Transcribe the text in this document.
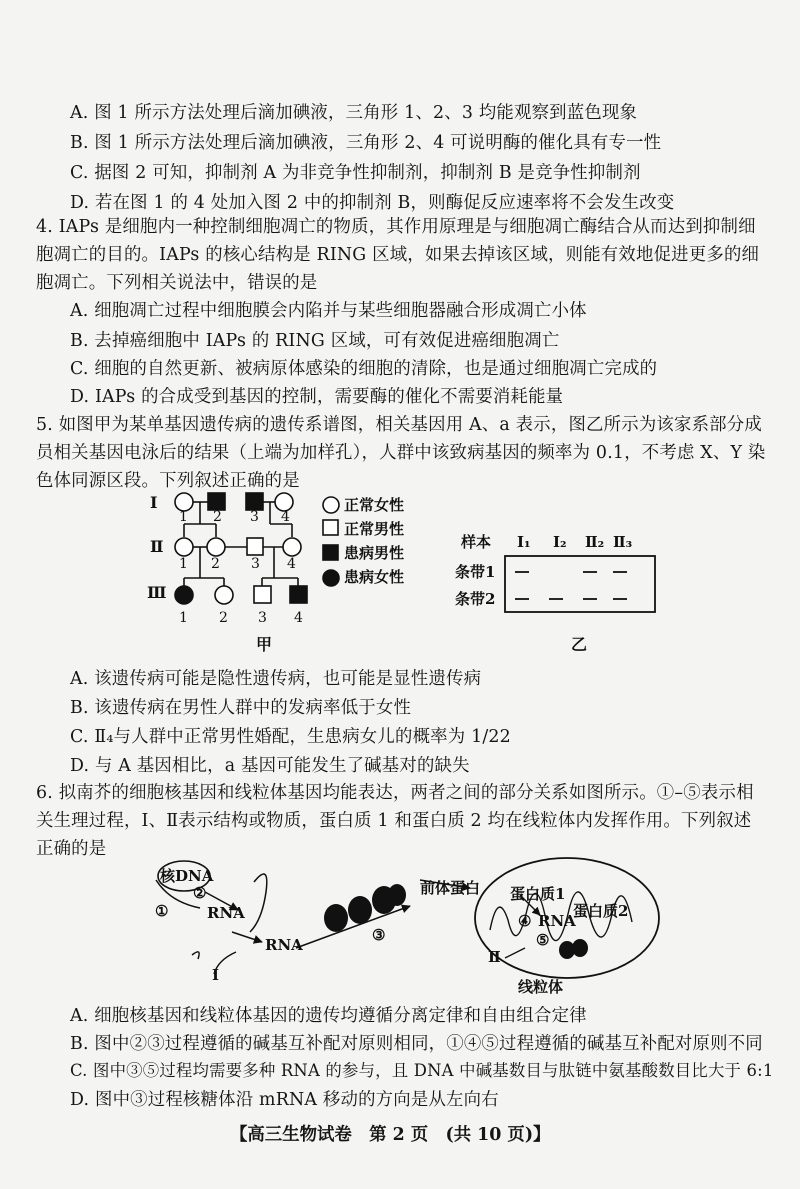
A. 图 1 所示方法处理后滴加碘液，三角形 1、2、3 均能观察到蓝色现象
B. 图 1 所示方法处理后滴加碘液，三角形 2、4 可说明酶的催化具有专一性
C. 据图 2 可知，抑制剂 A 为非竞争性抑制剂，抑制剂 B 是竞争性抑制剂
D. 若在图 1 的 4 处加入图 2 中的抑制剂 B，则酶促反应速率将不会发生改变
4. IAPs 是细胞内一种控制细胞凋亡的物质，其作用原理是与细胞凋亡酶结合从而达到抑制细
胞凋亡的目的。IAPs 的核心结构是 RING 区域，如果去掉该区域，则能有效地促进更多的细
胞凋亡。下列相关说法中，错误的是
A. 细胞凋亡过程中细胞膜会内陷并与某些细胞器融合形成凋亡小体
B. 去掉癌细胞中 IAPs 的 RING 区域，可有效促进癌细胞凋亡
C. 细胞的自然更新、被病原体感染的细胞的清除，也是通过细胞凋亡完成的
D. IAPs 的合成受到基因的控制，需要酶的催化不需要消耗能量
5. 如图甲为某单基因遗传病的遗传系谱图，相关基因用 A、a 表示，图乙所示为该家系部分成
员相关基因电泳后的结果（上端为加样孔），人群中该致病基因的频率为 0.1，不考虑 X、Y 染
色体同源区段。下列叙述正确的是
Ⅰ
Ⅱ
Ⅲ
1 2 3 4
1 2 3 4
1 2 3 4
甲
正常女性
正常男性
患病男性
患病女性
样本 Ⅰ₁ Ⅰ₂ Ⅱ₂ Ⅱ₃
条带1
条带2
乙
核DNA
②
①	RNA
RNA
Ⅰ
③
前体蛋白 蛋白质1
④ RNA
蛋白质2
⑤
Ⅱ
线粒体
A. 该遗传病可能是隐性遗传病，也可能是显性遗传病
B. 该遗传病在男性人群中的发病率低于女性
C. Ⅱ₄与人群中正常男性婚配，生患病女儿的概率为 1/22
D. 与 A 基因相比，a 基因可能发生了碱基对的缺失
6. 拟南芥的细胞核基因和线粒体基因均能表达，两者之间的部分关系如图所示。①–⑤表示相
关生理过程，Ⅰ、Ⅱ表示结构或物质，蛋白质 1 和蛋白质 2 均在线粒体内发挥作用。下列叙述
正确的是
A. 细胞核基因和线粒体基因的遗传均遵循分离定律和自由组合定律
B. 图中②③过程遵循的碱基互补配对原则相同，①④⑤过程遵循的碱基互补配对原则不同
C. 图中③⑤过程均需要多种 RNA 的参与，且 DNA 中碱基数目与肽链中氨基酸数目比大于 6:1
D. 图中③过程核糖体沿 mRNA 移动的方向是从左向右
【高三生物试卷　第 2 页　(共 10 页)】
